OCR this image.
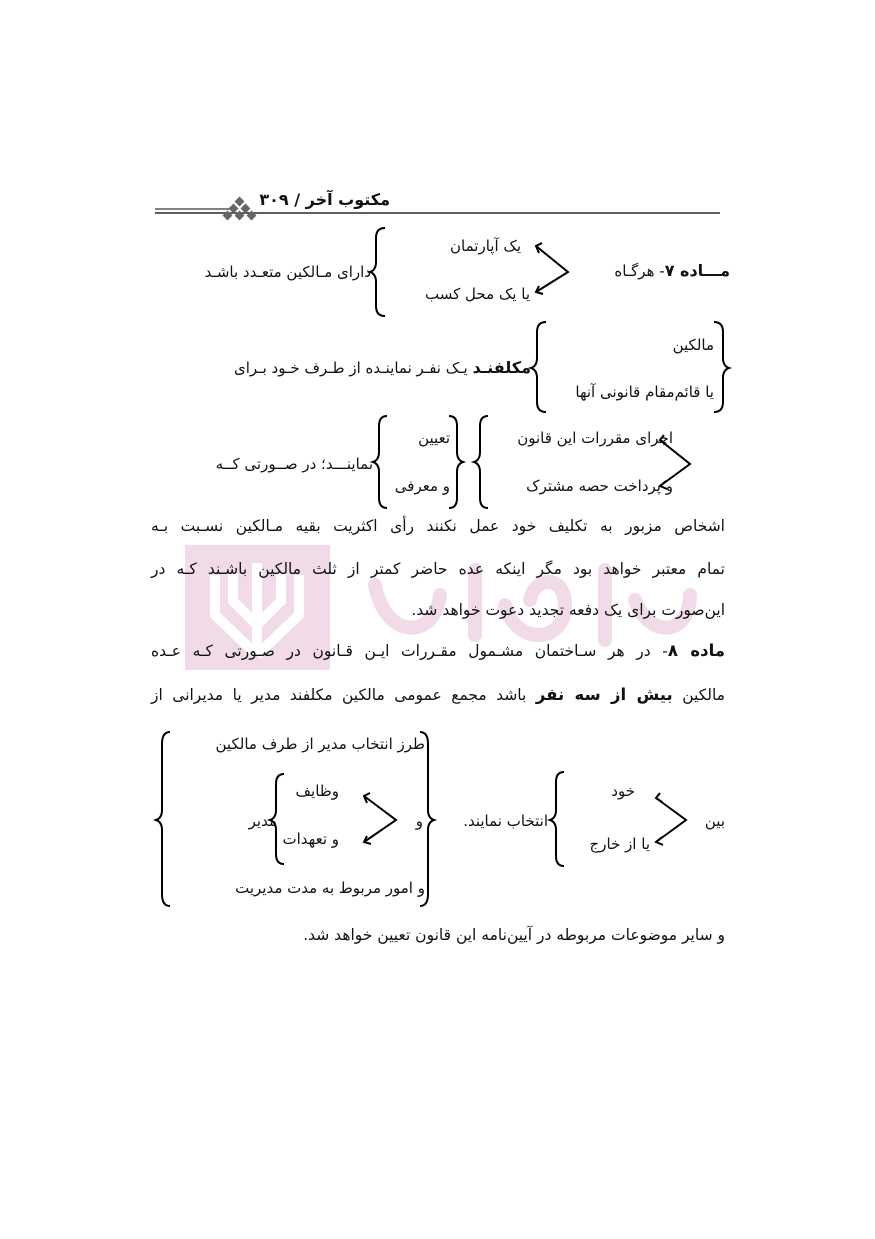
مکتوب آخر / ۳۰۹
مـــاده ۷- هرگـاه
یک آپارتمان
یا یک محل کسب
دارای مـالکین متعـدد باشـد
مالکین
یا قائم‌مقام قانونی آنها
مکلفنـد یـک نفـر نماینـده از طـرف خـود بـرای
اجرای مقررات این قانون
و پرداخت حصه مشترک
تعیین
و معرفی
نماینـــد؛ در صــورتی کــه
اشخاص مزبور به تکلیف خود عمل نکنند رأی اکثریت بقیه مـالکین نسـبت بـه
تمام معتبر خواهد بود مگر اینکه عده حاضر کمتر از ثلث مالکین باشـند کـه در
این‌صورت برای یک دفعه تجدید دعوت خواهد شد.
ماده ۸- در هر سـاختمان مشـمول مقـررات ایـن قـانون در صـورتی کـه عـده
مالکین بیش از سه نفر باشد مجمع عمومی مالکین مکلفند مدیر یا مدیرانی از
بین
خود
یا از خارج
انتخاب نمایند.
و
طرز انتخاب مدیر از طرف مالکین
و امور مربوط به مدت مدیریت
مدیر
وظایف
و تعهدات
و سایر موضوعات مربوطه در آیین‌نامه این قانون تعیین خواهد شد.
